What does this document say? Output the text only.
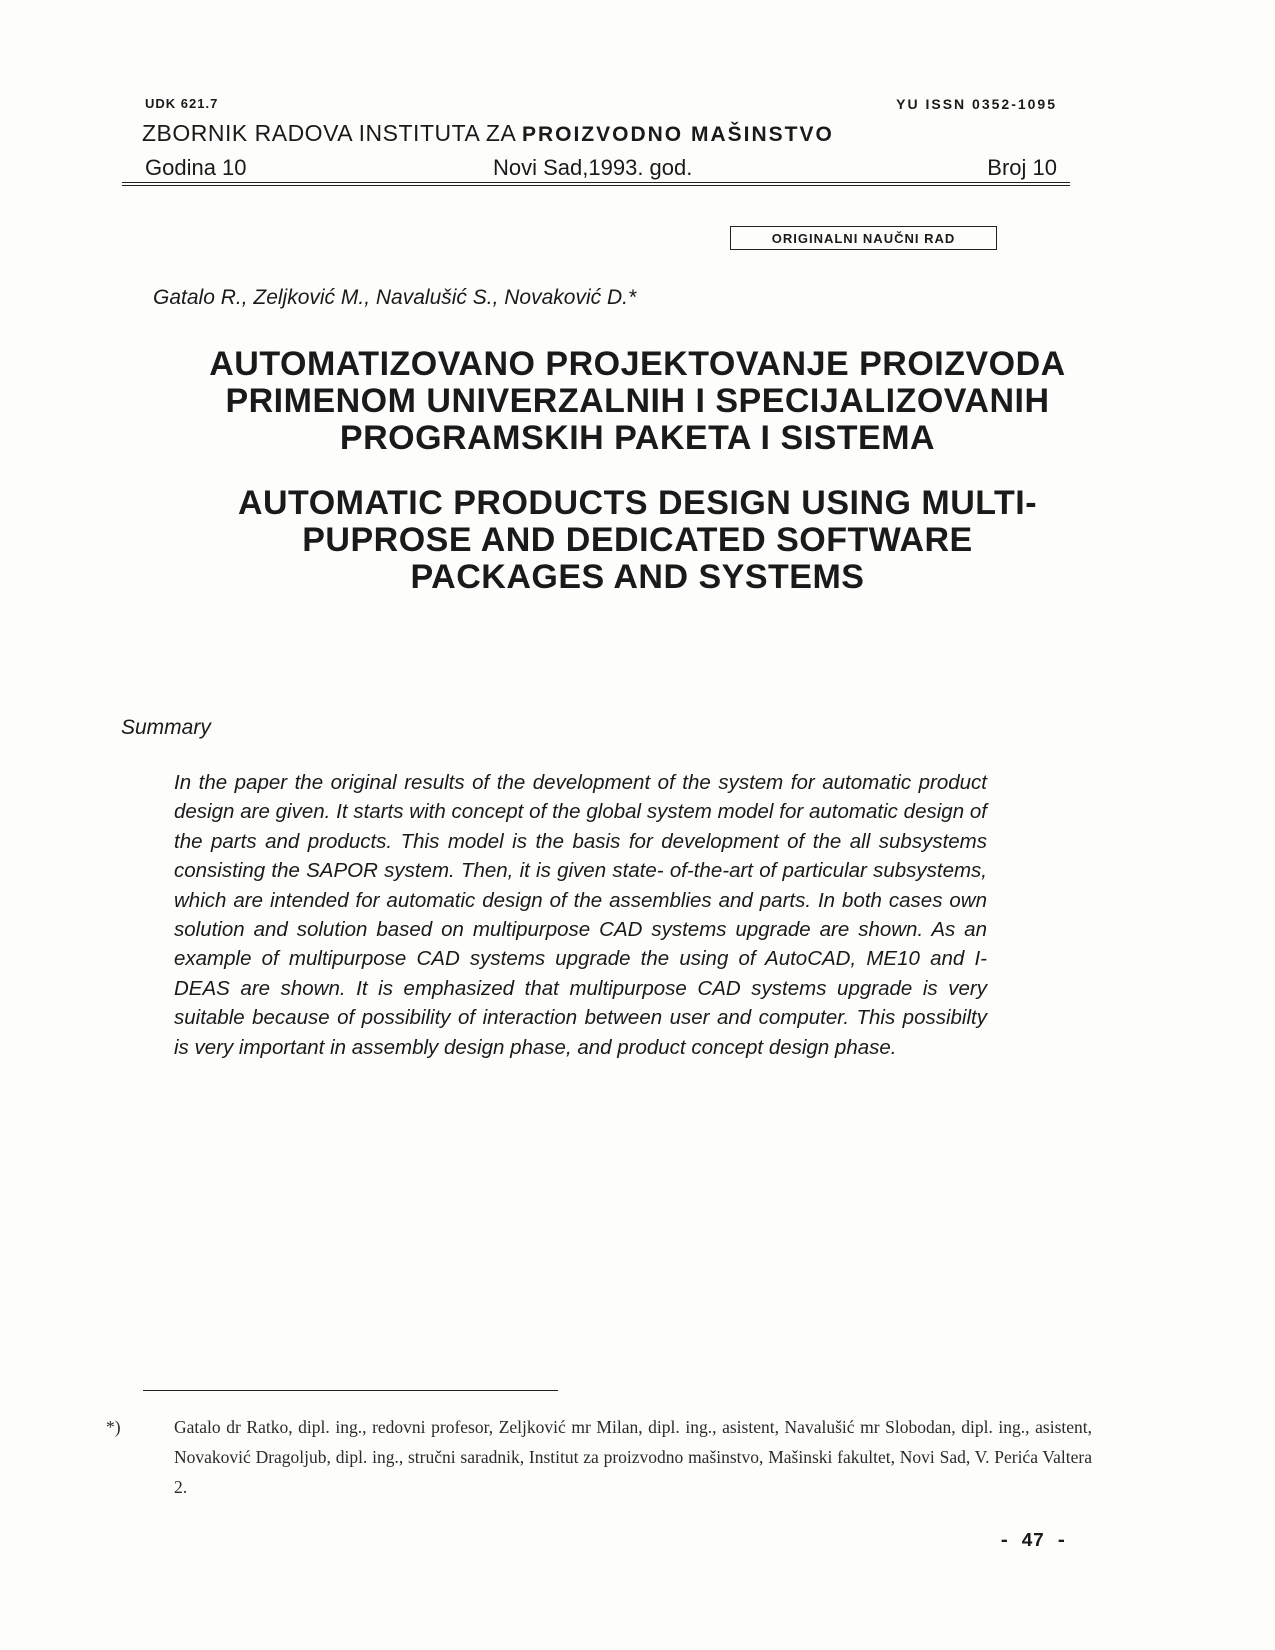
UDK 621.7	YU ISSN 0352-1095
ZBORNIK RADOVA INSTITUTA ZA PROIZVODNO MAŠINSTVO
Godina 10	Novi Sad,1993. god.	Broj 10
ORIGINALNI NAUČNI RAD
Gatalo R., Zeljković M., Navalušić S., Novaković D.*
AUTOMATIZOVANO PROJEKTOVANJE PROIZVODA
PRIMENOM UNIVERZALNIH I SPECIJALIZOVANIH
PROGRAMSKIH PAKETA I SISTEMA
AUTOMATIC PRODUCTS DESIGN USING MULTI-
PUPROSE AND DEDICATED SOFTWARE
PACKAGES AND SYSTEMS
Summary
In the paper the original results of the development of the system for automatic product design are given. It starts with concept of the global system model for automatic design of the parts and products. This model is the basis for development of the all subsystems consisting the SAPOR system. Then, it is given state- of-the-art of particular subsystems, which are intended for automatic design of the assemblies and parts. In both cases own solution and solution based on multipurpose CAD systems upgrade are shown. As an example of multipurpose CAD systems upgrade the using of AutoCAD, ME10 and I-DEAS are shown. It is emphasized that multipurpose CAD systems upgrade is very suitable because of possibility of interaction between user and computer. This possibilty is very important in assembly design phase, and product concept design phase.
*)	Gatalo dr Ratko, dipl. ing., redovni profesor, Zeljković mr Milan, dipl. ing., asistent, Navalušić mr Slobodan, dipl. ing., asistent, Novaković Dragoljub, dipl. ing., stručni saradnik, Institut za proizvodno mašinstvo, Mašinski fakultet, Novi Sad, V. Perića Valtera 2.
- 47 -
